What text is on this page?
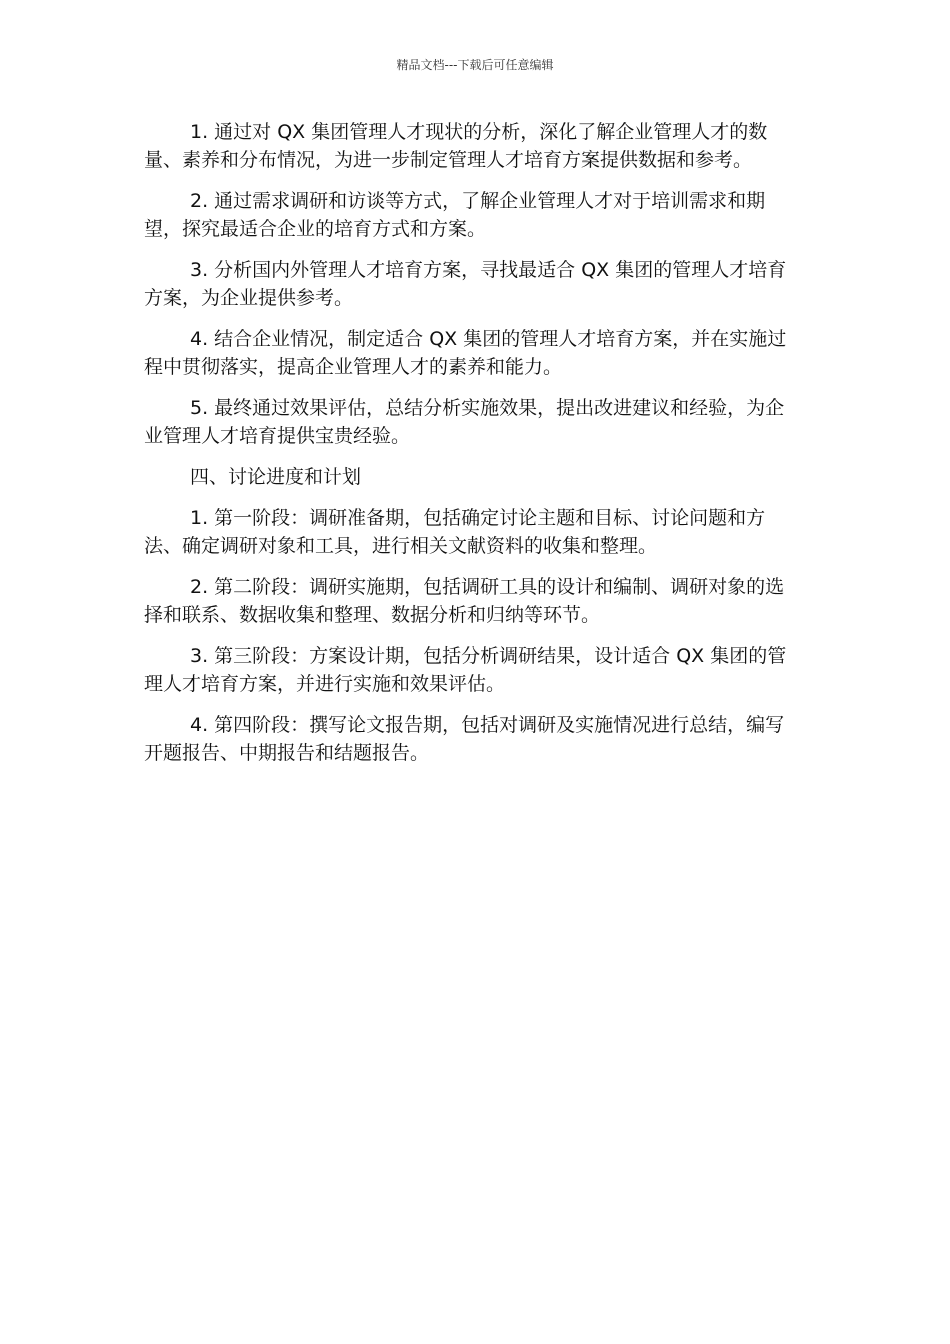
精品文档---下载后可任意编辑

1. 通过对 QX 集团管理人才现状的分析，深化了解企业管理人才的数量、素养和分布情况，为进一步制定管理人才培育方案提供数据和参考。

2. 通过需求调研和访谈等方式，了解企业管理人才对于培训需求和期望，探究最适合企业的培育方式和方案。

3. 分析国内外管理人才培育方案，寻找最适合 QX 集团的管理人才培育方案，为企业提供参考。

4. 结合企业情况，制定适合 QX 集团的管理人才培育方案，并在实施过程中贯彻落实，提高企业管理人才的素养和能力。

5. 最终通过效果评估，总结分析实施效果，提出改进建议和经验，为企业管理人才培育提供宝贵经验。

四、讨论进度和计划

1. 第一阶段：调研准备期，包括确定讨论主题和目标、讨论问题和方法、确定调研对象和工具，进行相关文献资料的收集和整理。

2. 第二阶段：调研实施期，包括调研工具的设计和编制、调研对象的选择和联系、数据收集和整理、数据分析和归纳等环节。

3. 第三阶段：方案设计期，包括分析调研结果，设计适合 QX 集团的管理人才培育方案，并进行实施和效果评估。

4. 第四阶段：撰写论文报告期，包括对调研及实施情况进行总结，编写开题报告、中期报告和结题报告。
